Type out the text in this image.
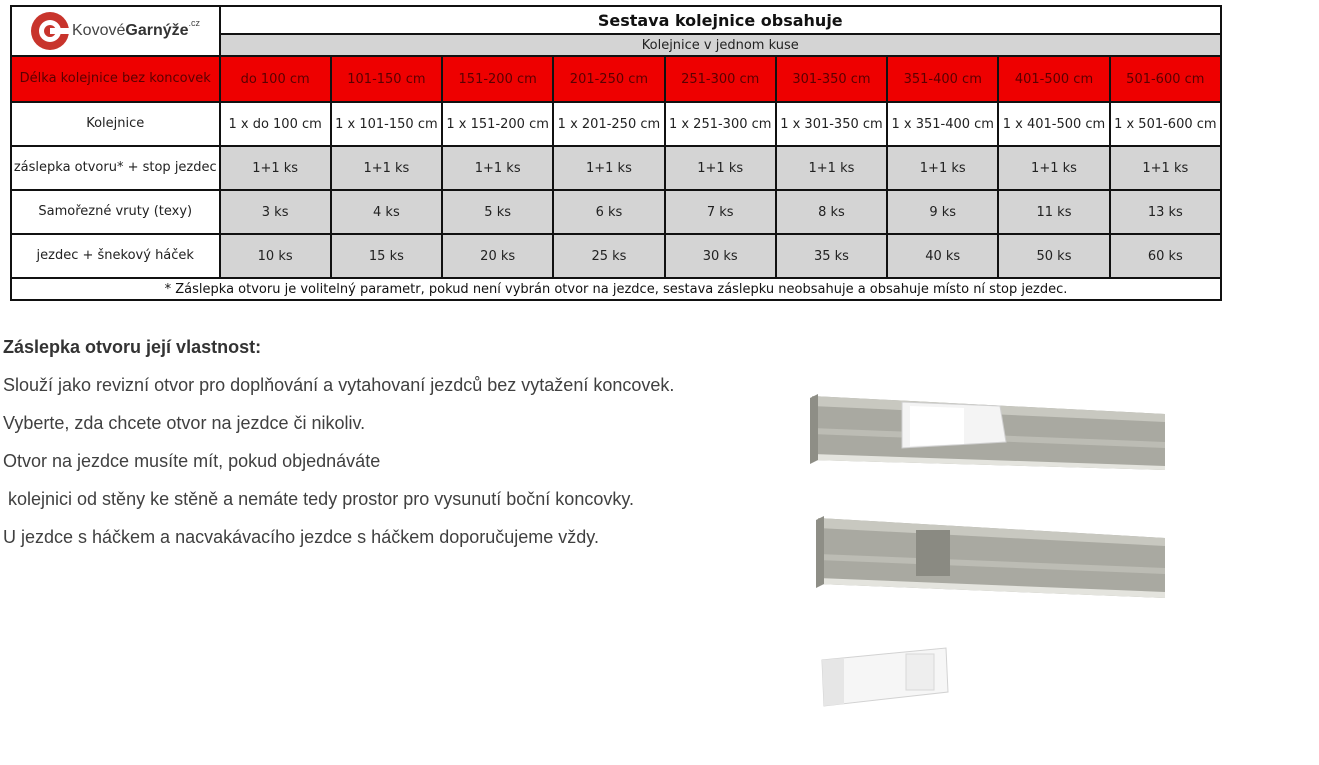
KovovéGarnýže .cz	Sestava kolejnice obsahuje								
	Kolejnice v jednom kuse								
Délka kolejnice bez koncovek	do 100 cm	101-150 cm	151-200 cm	201-250 cm	251-300 cm	301-350 cm	351-400 cm	401-500 cm	501-600 cm
Kolejnice	1 x do 100 cm	1 x 101-150 cm	1 x 151-200 cm	1 x 201-250 cm	1 x 251-300 cm	1 x 301-350 cm	1 x 351-400 cm	1 x 401-500 cm	1 x 501-600 cm
záslepka otvoru* + stop jezdec	1+1 ks	1+1 ks	1+1 ks	1+1 ks	1+1 ks	1+1 ks	1+1 ks	1+1 ks	1+1 ks
Samořezné vruty (texy)	3 ks	4 ks	5 ks	6 ks	7 ks	8 ks	9 ks	11 ks	13 ks
jezdec + šnekový háček	10 ks	15 ks	20 ks	25 ks	30 ks	35 ks	40 ks	50 ks	60 ks
* Záslepka otvoru je volitelný parametr, pokud není vybrán otvor na jezdce, sestava záslepku neobsahuje a obsahuje místo ní stop jezdec.									

Záslepka otvoru její vlastnost:

Slouží jako revizní otvor pro doplňování a vytahovaní jezdců bez vytažení koncovek.

Vyberte, zda chcete otvor na jezdce či nikoliv.

Otvor na jezdce musíte mít, pokud objednáváte

kolejnici od stěny ke stěně a nemáte tedy prostor pro vysunutí boční koncovky.

U jezdce s háčkem a nacvakávacího jezdce s háčkem doporučujeme vždy.
